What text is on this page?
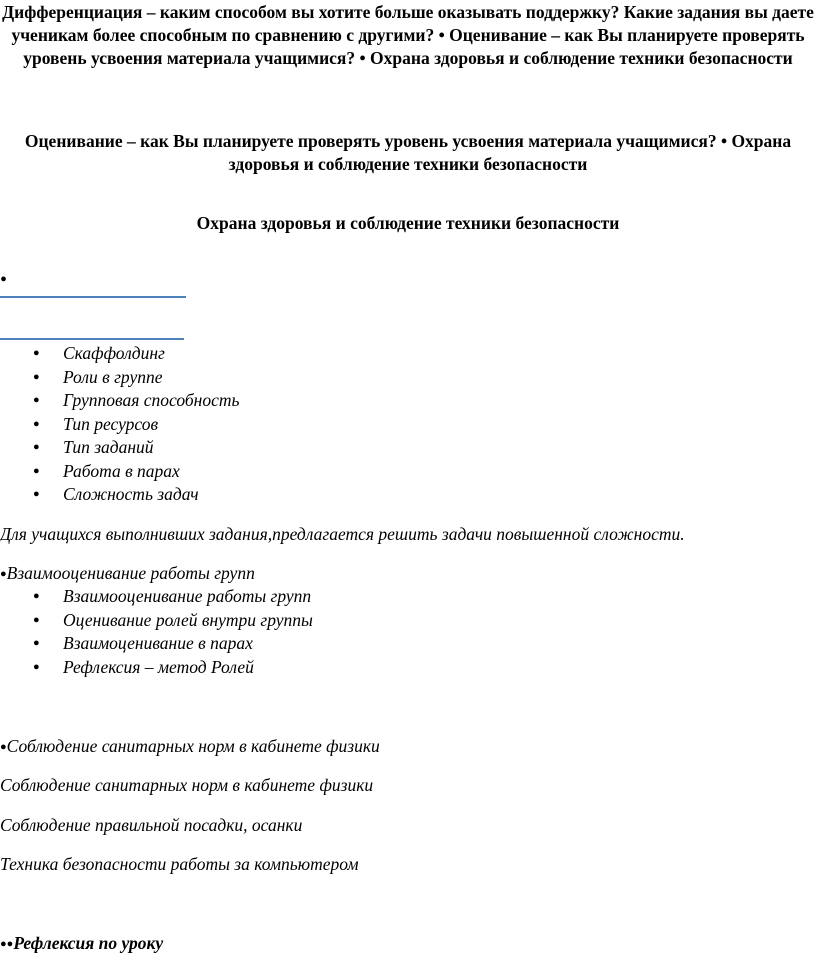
Дифференциация – каким способом вы хотите больше оказывать поддержку? Какие задания вы даете ученикам более способным по сравнению с другими? • Оценивание – как Вы планируете проверять уровень усвоения материала учащимися? • Охрана здоровья и соблюдение техники безопасности

Оценивание – как Вы планируете проверять уровень усвоения материала учащимися? • Охрана здоровья и соблюдение техники безопасности

Охрана здоровья и соблюдение техники безопасности

•
● Скаффолдинг
● Роли в группе
● Групповая способность
● Тип ресурсов
● Тип заданий
● Работа в парах
● Сложность задач

Для учащихся выполнивших задания,предлагается решить задачи повышенной сложности.

●Взаимооценивание работы групп

● Взаимооценивание работы групп
● Оценивание ролей внутри группы
● Взаимоцениваниe в парах
● Рефлексия – метод Ролей

●Соблюдение санитарных норм в кабинете физики

Соблюдение санитарных норм в кабинете физики

Соблюдение правильной посадки, осанки

Техника безопасности работы за компьютером

●●Рефлексия по уроку
